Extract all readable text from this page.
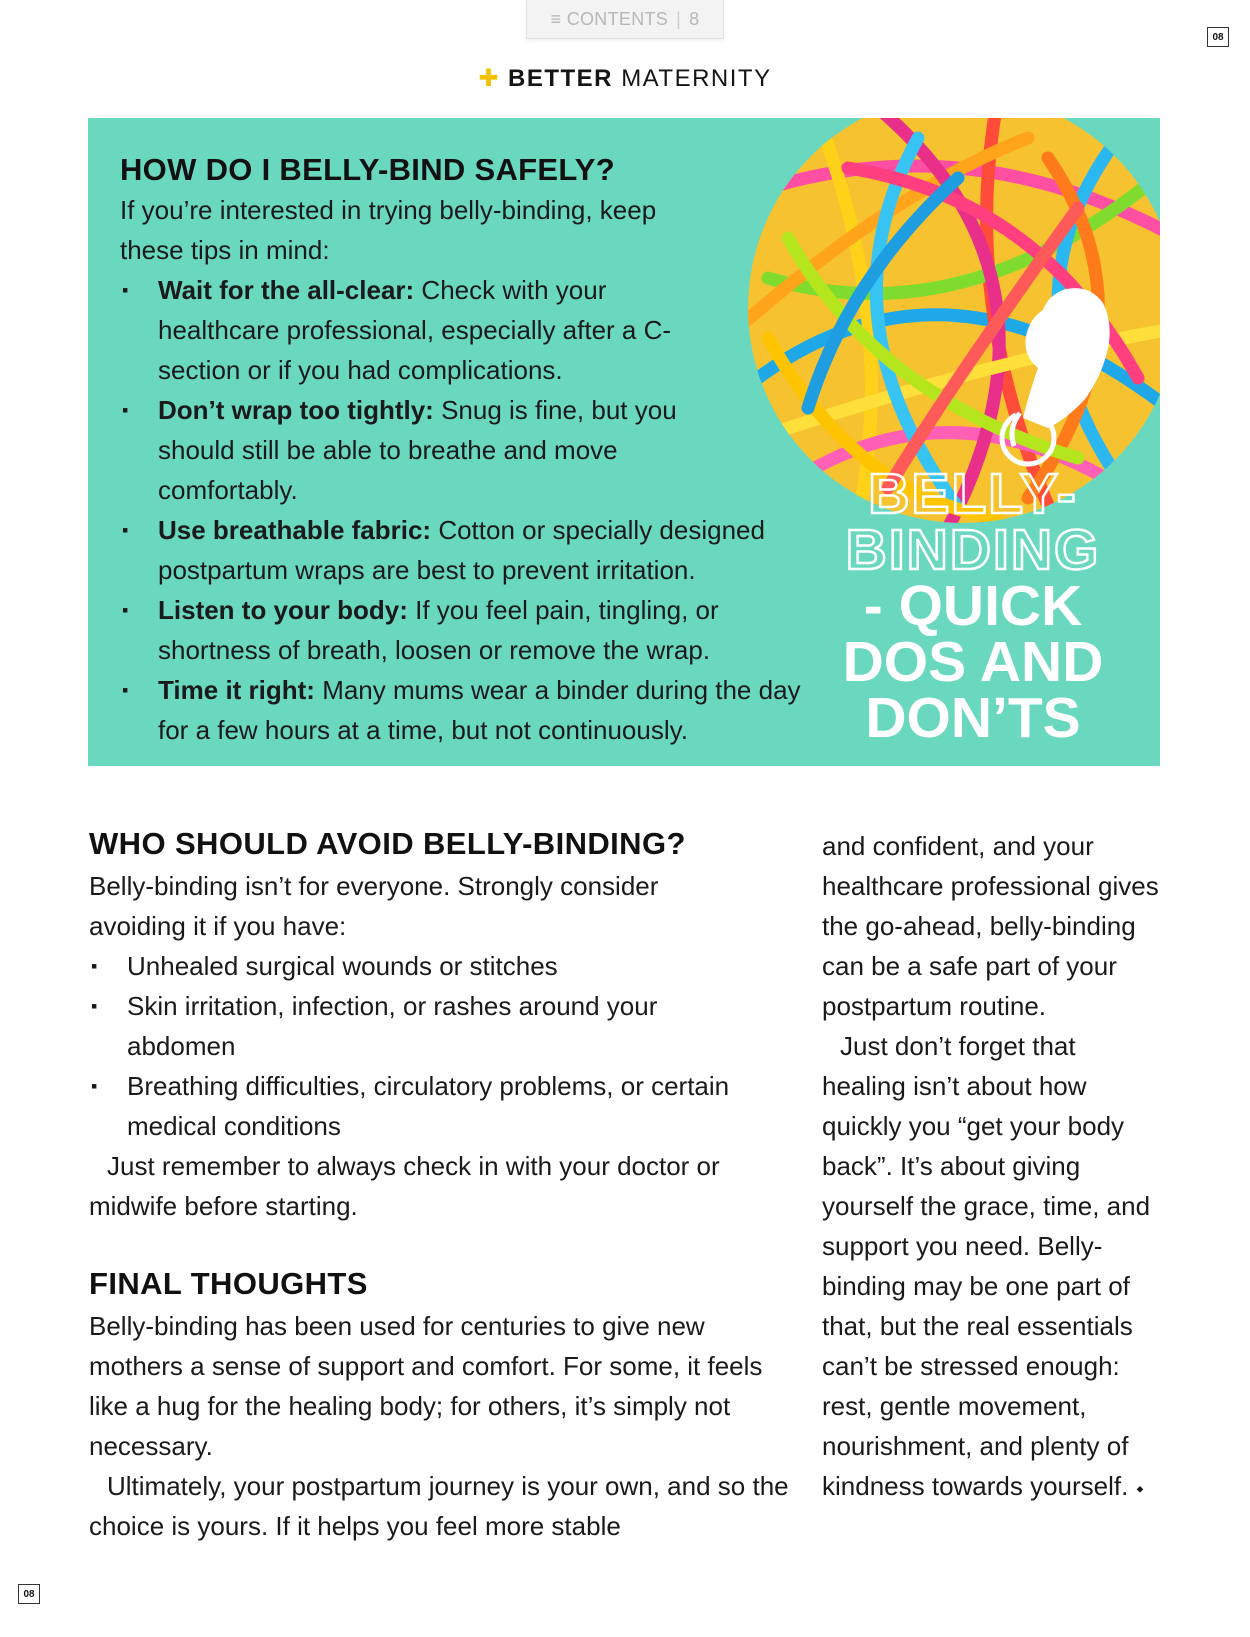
≡ CONTENTS | 8
08
08
✚ BETTER MATERNITY
HOW DO I BELLY-BIND SAFELY?
If you’re interested in trying belly-binding, keep these tips in mind:
▪ Wait for the all-clear: Check with your healthcare professional, especially after a C-section or if you had complications.
▪ Don’t wrap too tightly: Snug is fine, but you should still be able to breathe and move comfortably.
▪ Use breathable fabric: Cotton or specially designed postpartum wraps are best to prevent irritation.
▪ Listen to your body: If you feel pain, tingling, or shortness of breath, loosen or remove the wrap.
▪ Time it right: Many mums wear a binder during the day for a few hours at a time, but not continuously.
BELLY-
BINDING
- QUICK
DOS AND
DON’TS
WHO SHOULD AVOID BELLY-BINDING?
Belly-binding isn’t for everyone. Strongly consider avoiding it if you have:
▪ Unhealed surgical wounds or stitches
▪ Skin irritation, infection, or rashes around your abdomen
▪ Breathing difficulties, circulatory problems, or certain medical conditions
Just remember to always check in with your doctor or midwife before starting.
FINAL THOUGHTS
Belly-binding has been used for centuries to give new mothers a sense of support and comfort. For some, it feels like a hug for the healing body; for others, it’s simply not necessary.
Ultimately, your postpartum journey is your own, and so the choice is yours. If it helps you feel more stable
and confident, and your healthcare professional gives the go-ahead, belly-binding can be a safe part of your postpartum routine.
Just don’t forget that healing isn’t about how quickly you “get your body back”. It’s about giving yourself the grace, time, and support you need. Belly-binding may be one part of that, but the real essentials can’t be stressed enough: rest, gentle movement, nourishment, and plenty of kindness towards yourself. ⬩
